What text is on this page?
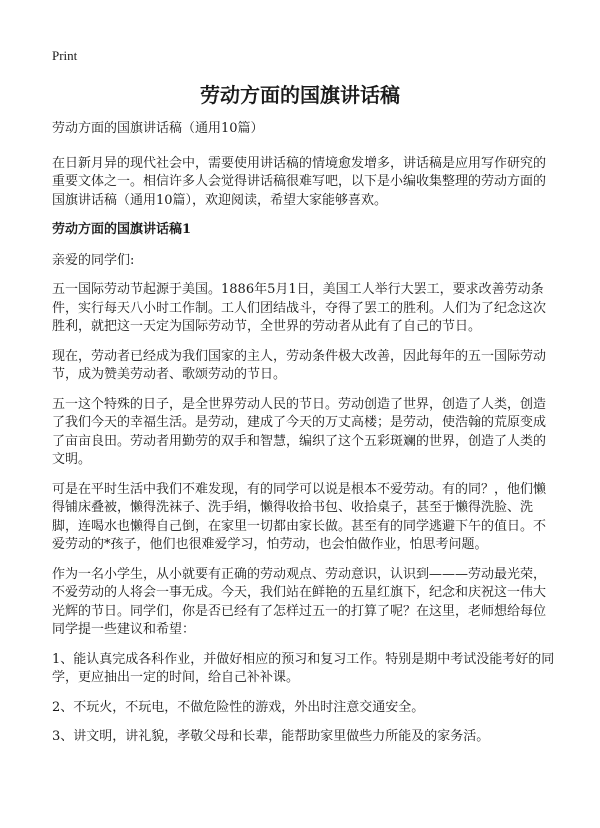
Print
劳动方面的国旗讲话稿

劳动方面的国旗讲话稿（通用10篇）

在日新月异的现代社会中，需要使用讲话稿的情境愈发增多，讲话稿是应用写作研究的重要文体之一。相信许多人会觉得讲话稿很难写吧，以下是小编收集整理的劳动方面的国旗讲话稿（通用10篇），欢迎阅读，希望大家能够喜欢。

劳动方面的国旗讲话稿1

亲爱的同学们:

五一国际劳动节起源于美国。1886年5月1日，美国工人举行大罢工，要求改善劳动条件，实行每天八小时工作制。工人们团结战斗，夺得了罢工的胜利。人们为了纪念这次胜利，就把这一天定为国际劳动节，全世界的劳动者从此有了自己的节日。

现在，劳动者已经成为我们国家的主人，劳动条件极大改善，因此每年的五一国际劳动节，成为赞美劳动者、歌颂劳动的节日。

五一这个特殊的日子，是全世界劳动人民的节日。劳动创造了世界，创造了人类，创造了我们今天的幸福生活。是劳动，建成了今天的万丈高楼；是劳动，使浩翰的荒原变成了亩亩良田。劳动者用勤劳的双手和智慧，编织了这个五彩斑斓的世界，创造了人类的文明。

可是在平时生活中我们不难发现，有的同学可以说是根本不爱劳动。有的同？，他们懒得铺床叠被，懒得洗袜子、洗手绢，懒得收拾书包、收拾桌子，甚至于懒得洗脸、洗脚，连喝水也懒得自己倒，在家里一切都由家长做。甚至有的同学逃避下午的值日。不爱劳动的*孩子，他们也很难爱学习，怕劳动，也会怕做作业，怕思考问题。

作为一名小学生，从小就要有正确的劳动观点、劳动意识，认识到———劳动最光荣，不爱劳动的人将会一事无成。今天，我们站在鲜艳的五星红旗下，纪念和庆祝这一伟大光辉的节日。同学们，你是否已经有了怎样过五一的打算了呢？在这里，老师想给每位同学提一些建议和希望：

1、能认真完成各科作业，并做好相应的预习和复习工作。特别是期中考试没能考好的同学，更应抽出一定的时间，给自己补补课。

2、不玩火，不玩电，不做危险性的游戏，外出时注意交通安全。

3、讲文明，讲礼貌，孝敬父母和长辈，能帮助家里做些力所能及的家务活。
